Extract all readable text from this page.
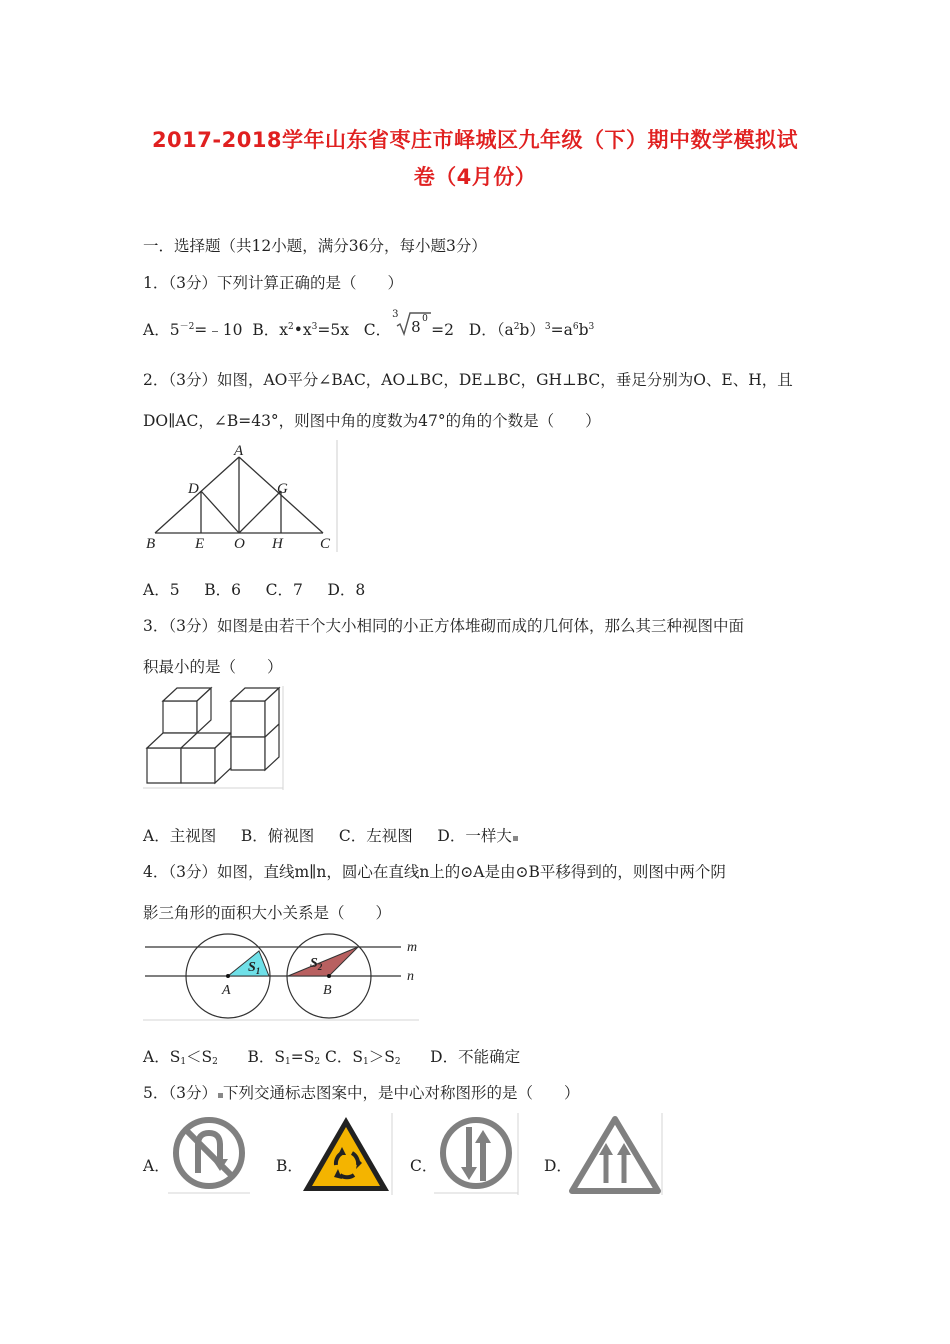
2017-2018学年山东省枣庄市峄城区九年级（下）期中数学模拟试
卷（4月份）
一．选择题（共12小题，满分36分，每小题3分）
1．（3分）下列计算正确的是（　　）
A．$5^{-2}=﹣10$ B．$x^2•x^3=5x$ C．
3
8 0
=2 D．$(a^2b)^3=a^6b^3$
2．（3分）如图，AO平分∠BAC，AO⊥BC，DE⊥BC，GH⊥BC，垂足分别为O、E、H，且
DO∥AC，∠B=43°，则图中角的度数为47°的角的个数是（　　）
A
D	G
B	E O H C
A．5 B．6 C．7 D．8
3．（3分）如图是由若干个大小相同的小正方体堆砌而成的几何体，那么其三种视图中面
积最小的是（　　）
A．主视图 B．俯视图 C．左视图 D．一样大
4．（3分）如图，直线m∥n，圆心在直线n上的⊙A是由⊙B平移得到的，则图中两个阴
影三角形的面积大小关系是（　　）
m
n
A	B
$S_1$	$S_2$
A．$S_1<S_2$ B．$S_1=S_2$ C．$S_1>S_2$ D．不能确定
5．（3分） 下列交通标志图案中，是中心对称图形的是（　　）
A．	B．	C．	D．
